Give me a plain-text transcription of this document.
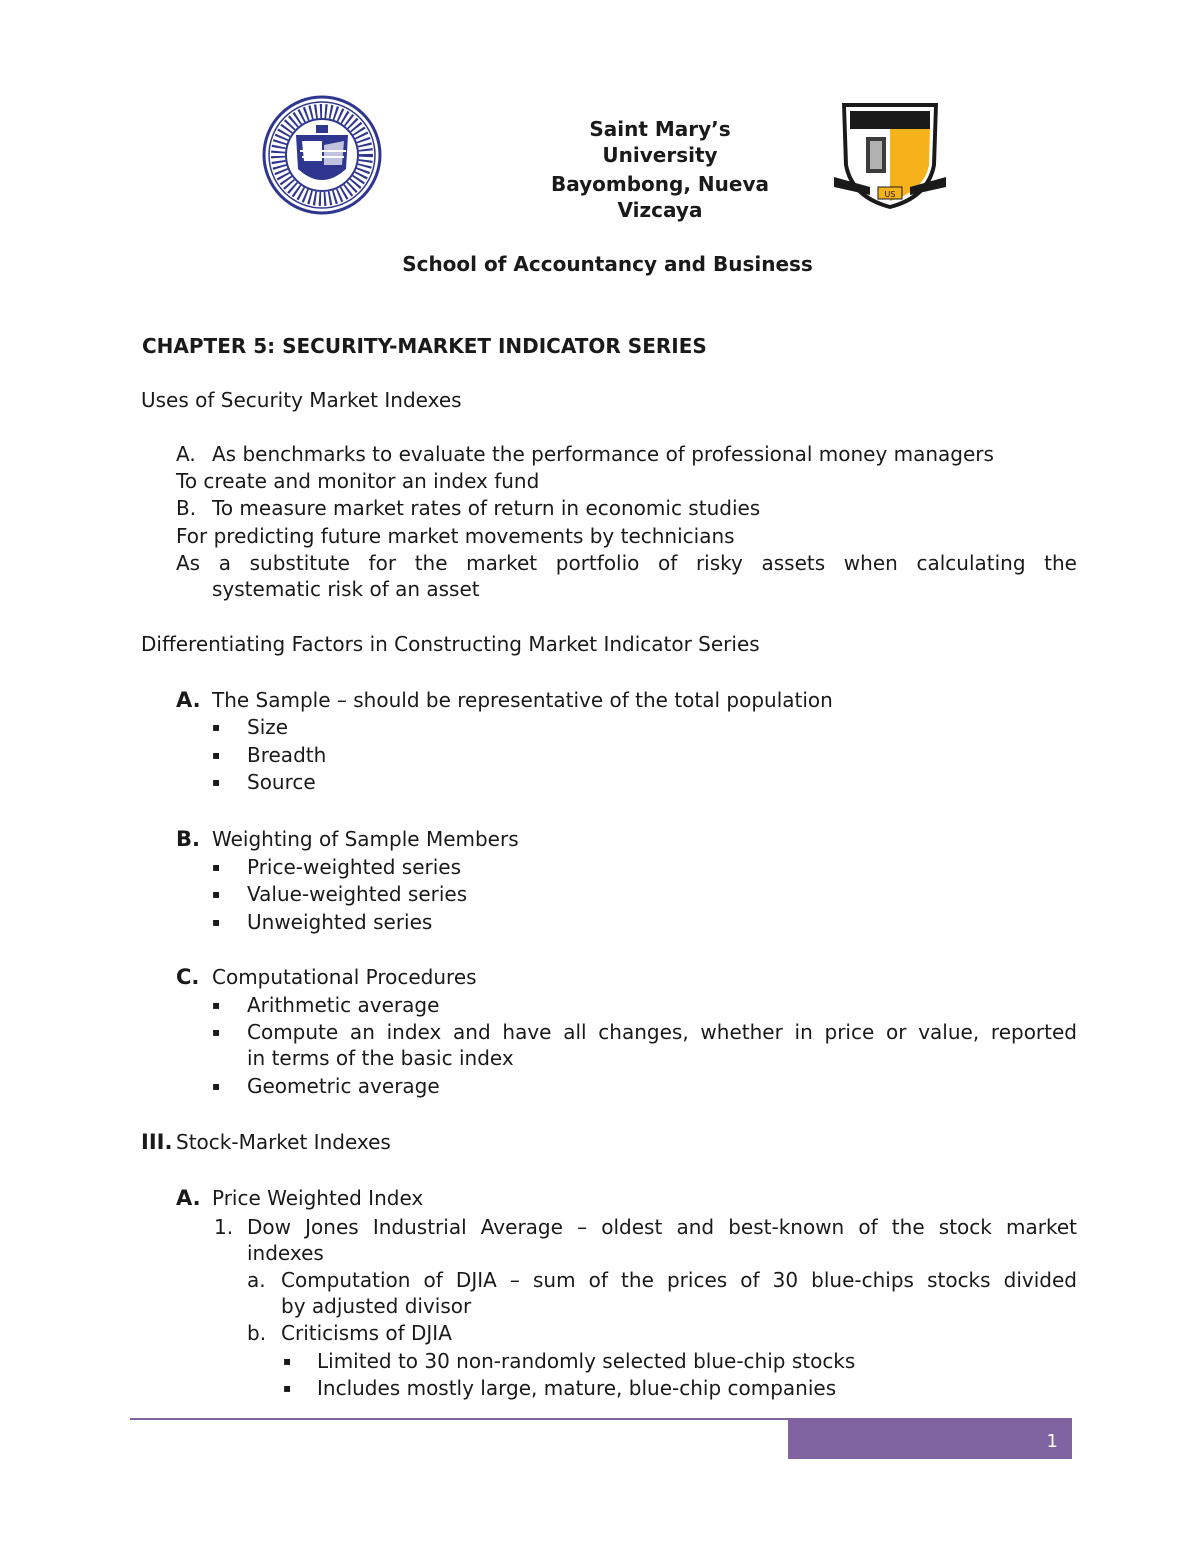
Saint Mary’s
University
Bayombong, Nueva
Vizcaya
US
School of Accountancy and Business
CHAPTER 5: SECURITY-MARKET INDICATOR SERIES
Uses of Security Market Indexes
A. As benchmarks to evaluate the performance of professional money managers
To create and monitor an index fund
B. To measure market rates of return in economic studies
For predicting future market movements by technicians
As a substitute for the market portfolio of risky assets when calculating the
systematic risk of an asset
Differentiating Factors in Constructing Market Indicator Series
A. The Sample – should be representative of the total population
▪ Size
▪ Breadth
▪ Source
B. Weighting of Sample Members
▪ Price-weighted series
▪ Value-weighted series
▪ Unweighted series
C. Computational Procedures
▪ Arithmetic average
▪ Compute an index and have all changes, whether in price or value, reported
in terms of the basic index
▪ Geometric average
III. Stock-Market Indexes
A. Price Weighted Index
1. Dow Jones Industrial Average – oldest and best-known of the stock market
indexes
a. Computation of DJIA – sum of the prices of 30 blue-chips stocks divided
by adjusted divisor
b. Criticisms of DJIA
▪ Limited to 30 non-randomly selected blue-chip stocks
▪ Includes mostly large, mature, blue-chip companies
1
